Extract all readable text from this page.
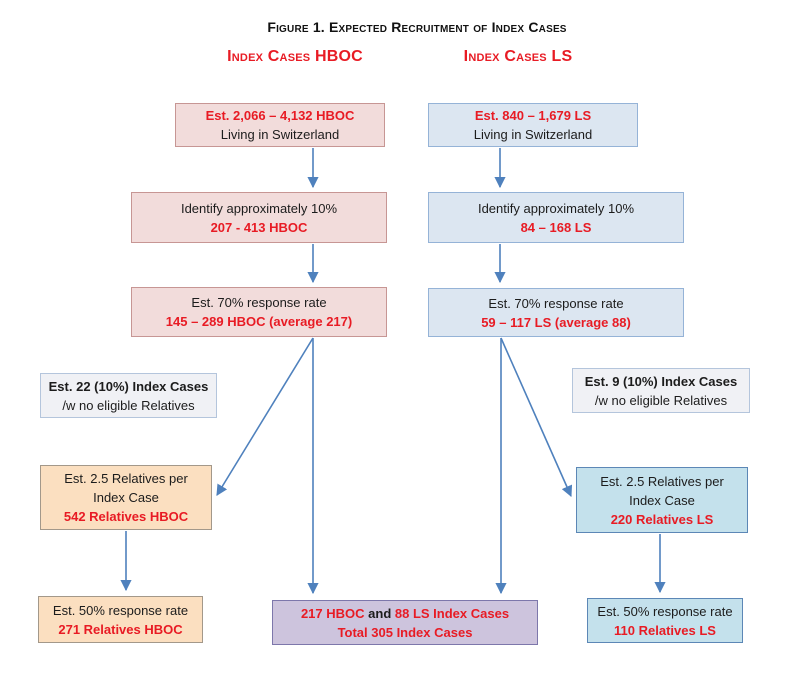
Figure 1. Expected Recruitment of Index Cases
Index Cases HBOC	Index Cases LS
Est. 2,066 – 4,132 HBOC
Living in Switzerland
Est. 840 – 1,679 LS
Living in Switzerland
Identify approximately 10%
207 - 413 HBOC
Identify approximately 10%
84 – 168 LS
Est. 70% response rate
145 – 289 HBOC (average 217)
Est. 70% response rate
59 – 117 LS (average 88)
Est. 22 (10%) Index Cases
/w no eligible Relatives
Est. 9 (10%) Index Cases
/w no eligible Relatives
Est. 2.5 Relatives per
Index Case
542 Relatives HBOC
Est. 2.5 Relatives per
Index Case
220 Relatives LS
Est. 50% response rate
271 Relatives HBOC
217 HBOC and 88 LS Index Cases
Total 305 Index Cases
Est. 50% response rate
110 Relatives LS
